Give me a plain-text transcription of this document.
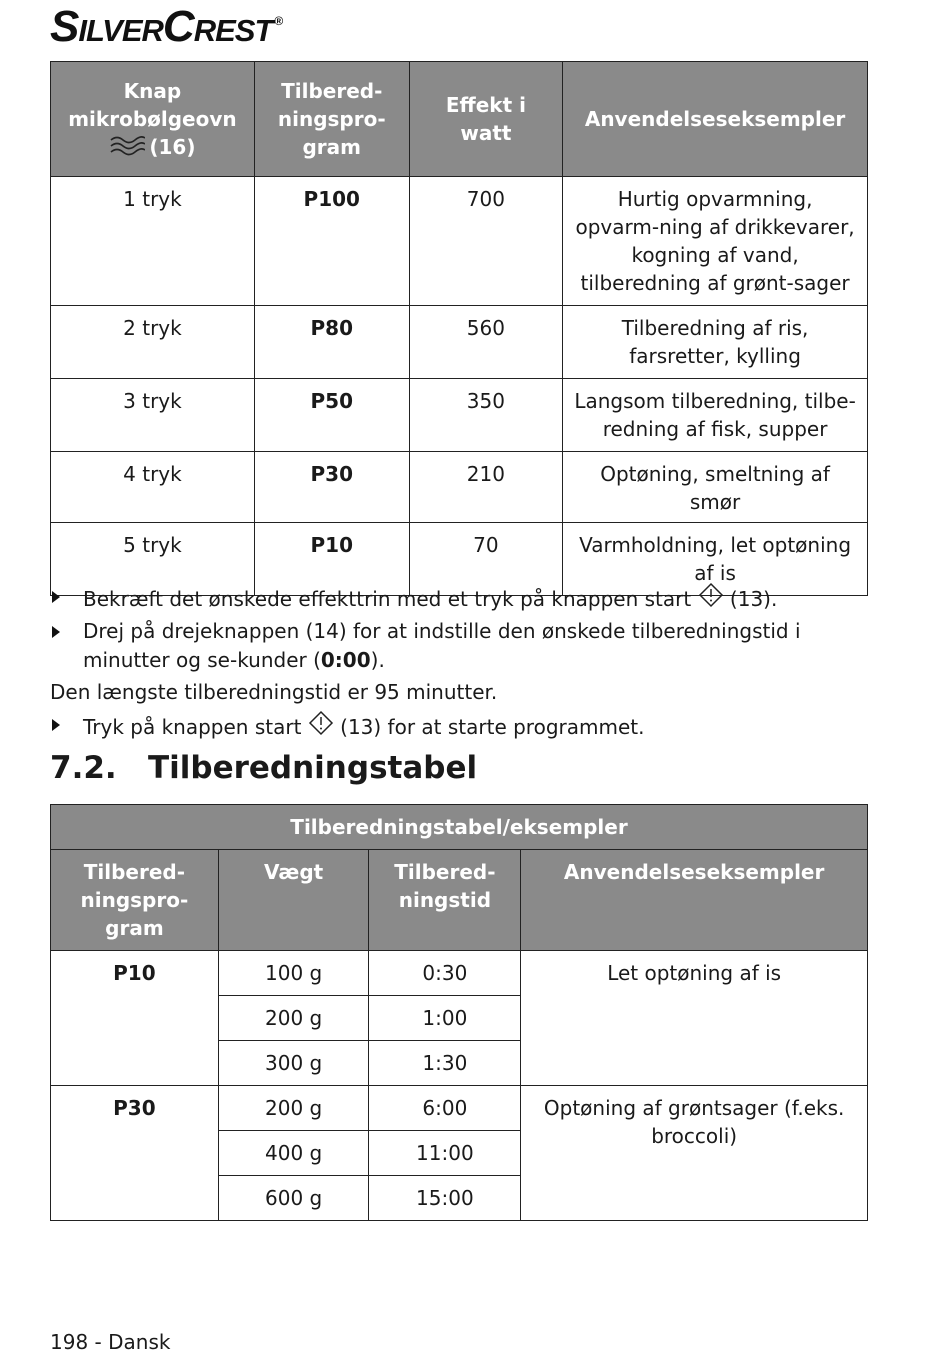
SilverCrest ®
Knap
mikrobølgeovn
(16)	Tilbered-ningspro-gram	Effekt i watt	Anvendelseseksempler
1 tryk	P100	700	Hurtig opvarmning, opvarm-ning af drikkevarer, kogning af vand, tilberedning af grønt-sager
2 tryk	P80	560	Tilberedning af ris, farsretter, kylling
3 tryk	P50	350	Langsom tilberedning, tilbe-redning af fisk, supper
4 tryk	P30	210	Optøning, smeltning af smør
5 tryk	P10	70	Varmholdning, let optøning af is
Bekræft det ønskede effekttrin med et tryk på knappen start (13).
Drej på drejeknappen (14) for at indstille den ønskede tilberedningstid i minutter og se-kunder (0:00).
Den længste tilberedningstid er 95 minutter.
Tryk på knappen start (13) for at starte programmet.
7.2. Tilberedningstabel
Tilberedningstabel/eksempler			
Tilbered-ningspro-gram	Vægt	Tilbered-ningstid	Anvendelseseksempler
P10	100 g	0:30	Let optøning af is
	200 g	1:00	
	300 g	1:30	
P30	200 g	6:00	Optøning af grøntsager (f.eks. broccoli)
	400 g	11:00	
	600 g	15:00	
198 - Dansk
